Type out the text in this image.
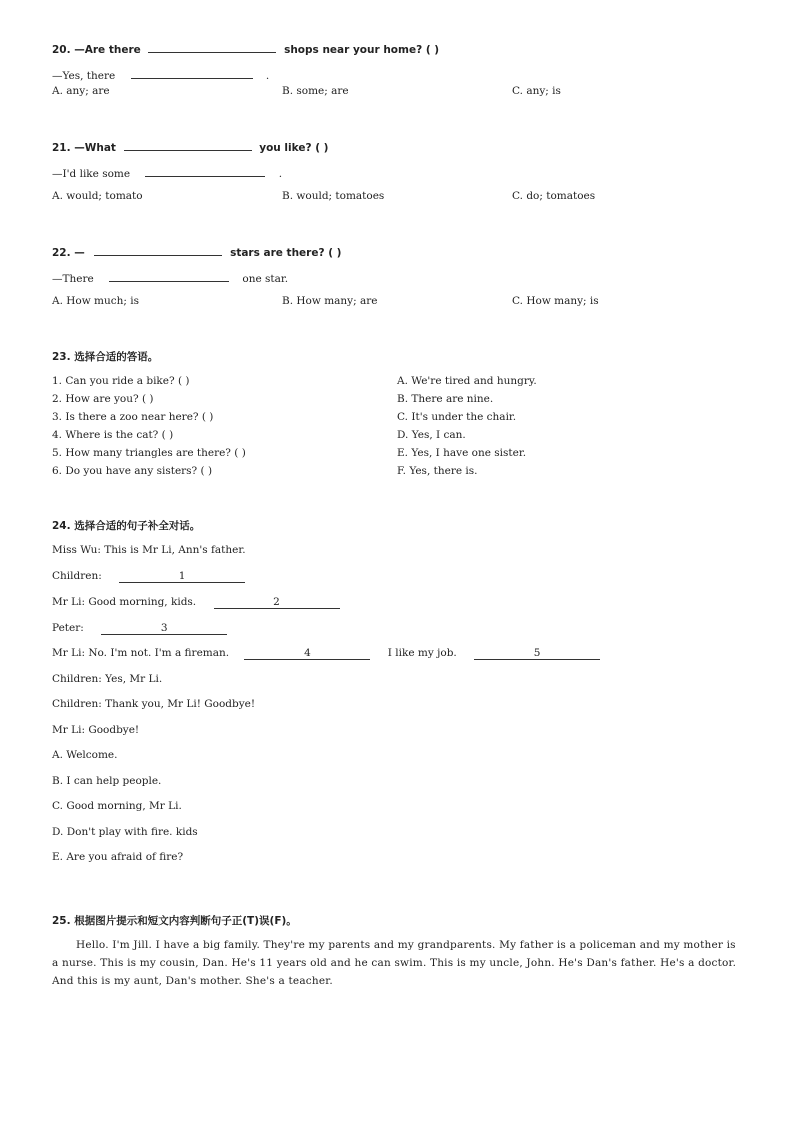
20. —Are there	shops near your home? ( )
—Yes, there	.
A. any; are	B. some; are	C. any; is
21. —What	you like? ( )
—I'd like some	.
A. would; tomato	B. would; tomatoes	C. do; tomatoes
22. —	stars are there? ( )
—There	one star.
A. How much; is	B. How many; are	C. How many; is
23. 选择合适的答语。
1. Can you ride a bike? ( )
2. How are you? ( )
3. Is there a zoo near here? ( )
4. Where is the cat? ( )
5. How many triangles are there? ( )
6. Do you have any sisters? ( )
A. We're tired and hungry.
B. There are nine.
C. It's under the chair.
D. Yes, I can.
E. Yes, I have one sister.
F. Yes, there is.
24. 选择合适的句子补全对话。
Miss Wu: This is Mr Li, Ann's father.
Children:	1
Mr Li: Good morning, kids.	2
Peter:	3
Mr Li: No. I'm not. I'm a fireman.	4	I like my job.	5
Children: Yes, Mr Li.
Children: Thank you, Mr Li! Goodbye!
Mr Li: Goodbye!
A. Welcome.
B. I can help people.
C. Good morning, Mr Li.
D. Don't play with fire. kids
E. Are you afraid of fire?
25. 根据图片提示和短文内容判断句子正(T)误(F)。
Hello. I'm Jill. I have a big family. They're my parents and my grandparents. My father is a policeman and my mother is a nurse. This is my cousin, Dan. He's 11 years old and he can swim. This is my uncle, John. He's Dan's father. He's a doctor. And this is my aunt, Dan's mother. She's a teacher.
